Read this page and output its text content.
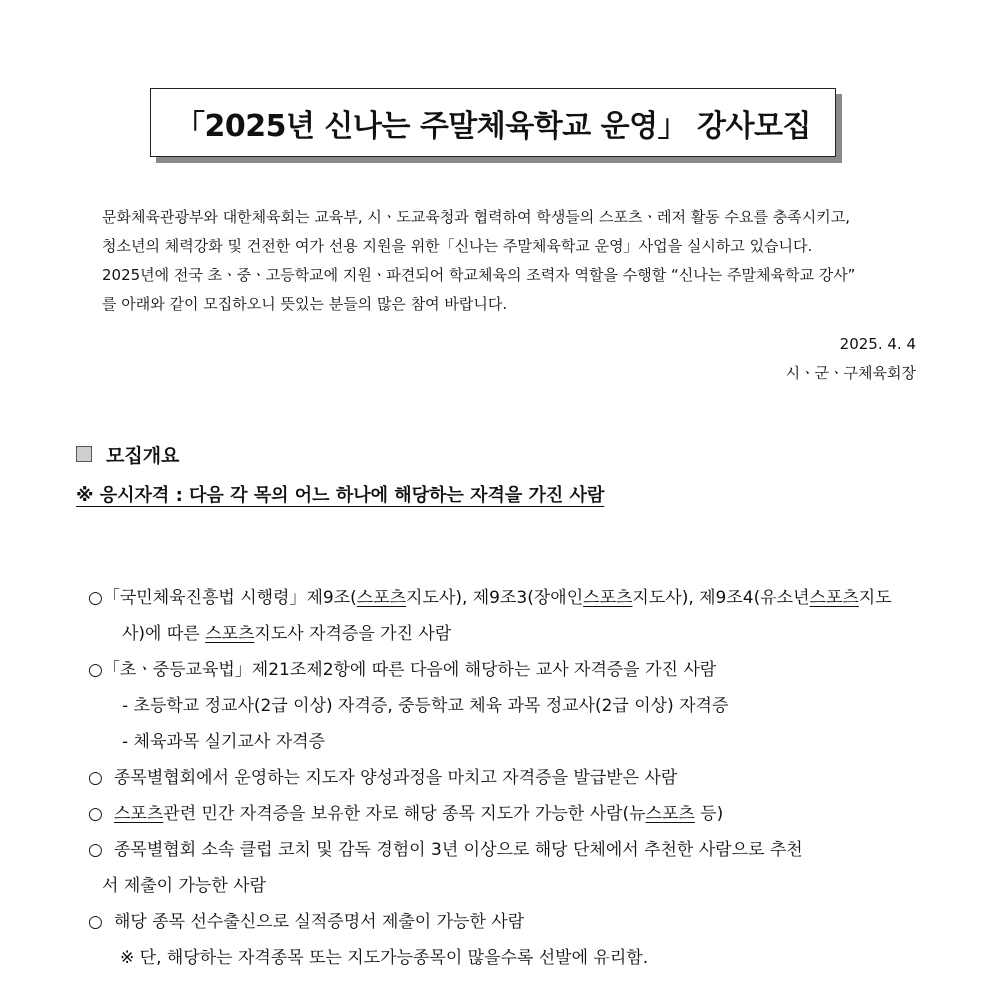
「2025년 신나는 주말체육학교 운영」 강사모집
문화체육관광부와 대한체육회는 교육부, 시ㆍ도교육청과 협력하여 학생들의 스포츠ㆍ레저 활동 수요를 충족시키고,
청소년의 체력강화 및 건전한 여가 선용 지원을 위한「신나는 주말체육학교 운영」사업을 실시하고 있습니다.
2025년에 전국 초ㆍ중ㆍ고등학교에 지원ㆍ파견되어 학교체육의 조력자 역할을 수행할 “신나는 주말체육학교 강사”
를 아래와 같이 모집하오니 뜻있는 분들의 많은 참여 바랍니다.
2025. 4. 4
시ㆍ군ㆍ구체육회장
모집개요
※ 응시자격 : 다음 각 목의 어느 하나에 해당하는 자격을 가진 사람
○「국민체육진흥법 시행령」제9조(스포츠지도사), 제9조3(장애인스포츠지도사), 제9조4(유소년스포츠지도
사)에 따른 스포츠지도사 자격증을 가진 사람
○「초ㆍ중등교육법」제21조제2항에 따른 다음에 해당하는 교사 자격증을 가진 사람
- 초등학교 정교사(2급 이상) 자격증, 중등학교 체육 과목 정교사(2급 이상) 자격증
- 체육과목 실기교사 자격증
○ 종목별협회에서 운영하는 지도자 양성과정을 마치고 자격증을 발급받은 사람
○ 스포츠관련 민간 자격증을 보유한 자로 해당 종목 지도가 가능한 사람(뉴스포츠 등)
○ 종목별협회 소속 클럽 코치 및 감독 경험이 3년 이상으로 해당 단체에서 추천한 사람으로 추천
서 제출이 가능한 사람
○ 해당 종목 선수출신으로 실적증명서 제출이 가능한 사람
※ 단, 해당하는 자격종목 또는 지도가능종목이 많을수록 선발에 유리함.
